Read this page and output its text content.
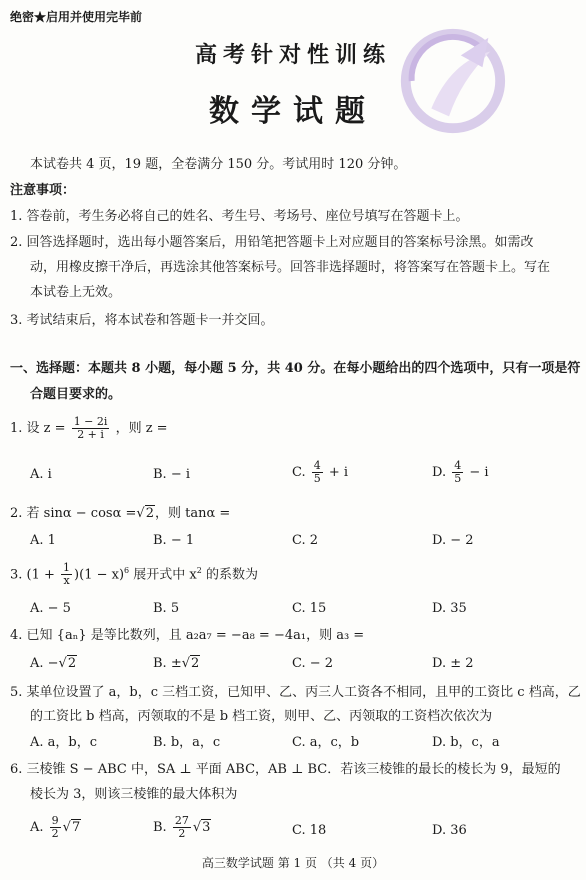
绝密★启用并使用完毕前
高考针对性训练
数学试题
本试卷共 4 页，19 题，全卷满分 150 分。考试用时 120 分钟。
注意事项：
1. 答卷前，考生务必将自己的姓名、考生号、考场号、座位号填写在答题卡上。
2. 回答选择题时，选出每小题答案后，用铅笔把答题卡上对应题目的答案标号涂黑。如需改
动，用橡皮擦干净后，再选涂其他答案标号。回答非选择题时，将答案写在答题卡上。写在
本试卷上无效。
3. 考试结束后，将本试卷和答题卡一并交回。
一、选择题：本题共 8 小题，每小题 5 分，共 40 分。在每小题给出的四个选项中，只有一项是符
合题目要求的。
1. 设 $z = \frac{1 - 2i}{2 + i}$ ，则 z =
A. i	B. − i	C. $\frac{4}{5} + i$	D. $\frac{4}{5} - i$
2. 若 sinα − cosα =√2，则 tanα =
A. 1	B. − 1	C. 2	D. − 2
3. $(1 + \frac{1}{x} )(1 - x)^6$ 展开式中 $x^2$ 的系数为
A. − 5	B. 5	C. 15	D. 35
4. 已知 {aₙ} 是等比数列，且 a₂a₇ = −a₈ = −4a₁，则 a₃ =
A. −√2	B. ±√2	C. − 2	D. ± 2
5. 某单位设置了 a，b，c 三档工资，已知甲、乙、丙三人工资各不相同，且甲的工资比 c 档高，乙
的工资比 b 档高，丙领取的不是 b 档工资，则甲、乙、丙领取的工资档次依次为
A. a，b，c	B. b，a，c	C. a，c，b	D. b，c，a
6. 三棱锥 S − ABC 中，SA ⊥ 平面 ABC，AB ⊥ BC．若该三棱锥的最长的棱长为 9，最短的
棱长为 3，则该三棱锥的最大体积为
A. $\frac{9}{2} √7$	B. $\frac{27}{2} √3$	C. 18	D. 36
高三数学试题 第 1 页 （共 4 页）
